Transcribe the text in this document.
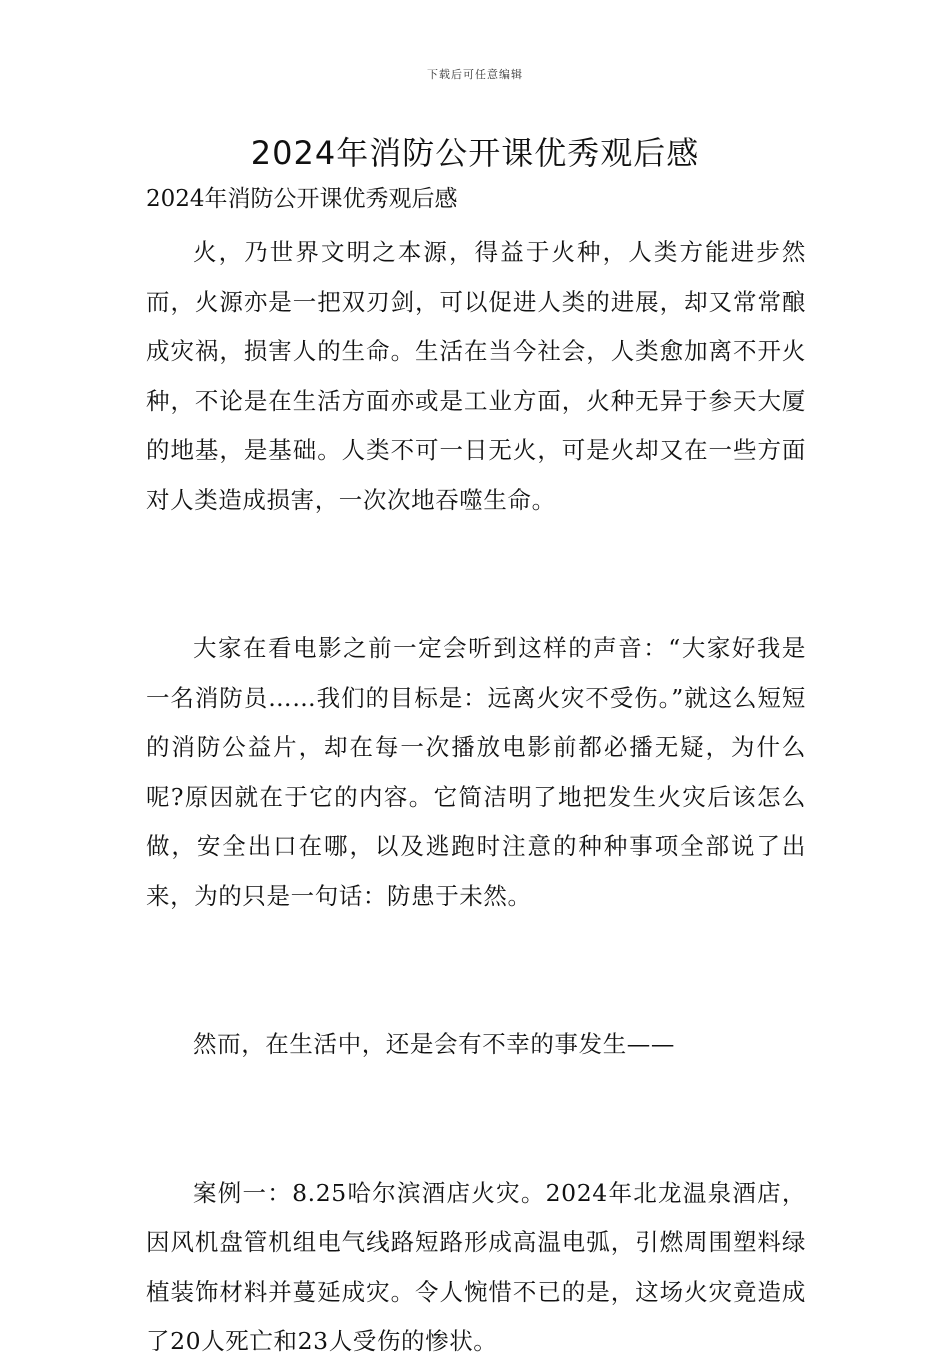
下载后可任意编辑
2024年消防公开课优秀观后感
2024年消防公开课优秀观后感

火，乃世界文明之本源，得益于火种，人类方能进步然而，火源亦是一把双刃剑，可以促进人类的进展，却又常常酿成灾祸，损害人的生命。生活在当今社会，人类愈加离不开火种，不论是在生活方面亦或是工业方面，火种无异于参天大厦的地基，是基础。人类不可一日无火，可是火却又在一些方面对人类造成损害，一次次地吞噬生命。

大家在看电影之前一定会听到这样的声音：“大家好我是一名消防员……我们的目标是：远离火灾不受伤。”就这么短短的消防公益片，却在每一次播放电影前都必播无疑，为什么呢?原因就在于它的内容。它简洁明了地把发生火灾后该怎么做，安全出口在哪，以及逃跑时注意的种种事项全部说了出来，为的只是一句话：防患于未然。

然而，在生活中，还是会有不幸的事发生——

案例一：8.25哈尔滨酒店火灾。2024年北龙温泉酒店，因风机盘管机组电气线路短路形成高温电弧，引燃周围塑料绿植装饰材料并蔓延成灾。令人惋惜不已的是，这场火灾竟造成了20人死亡和23人受伤的惨状。
